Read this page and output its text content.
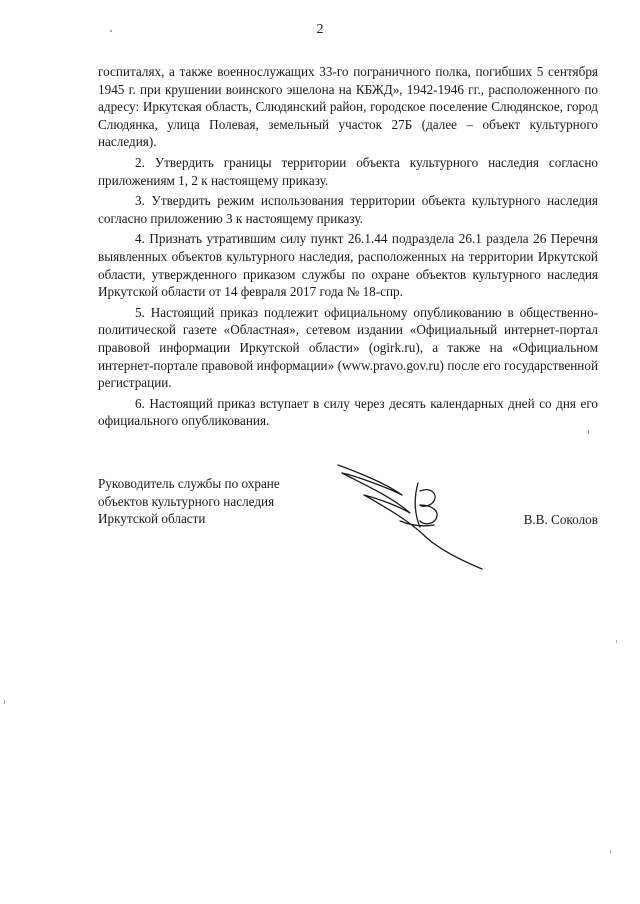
2

госпиталях, а также военнослужащих 33-го пограничного полка, погибших 5 сентября 1945 г. при крушении воинского эшелона на КБЖД», 1942-1946 гг., расположенного по адресу: Иркутская область, Слюдянский район, городское поселение Слюдянское, город Слюдянка, улица Полевая, земельный участок 27Б (далее – объект культурного наследия).

2. Утвердить границы территории объекта культурного наследия согласно приложениям 1, 2 к настоящему приказу.

3. Утвердить режим использования территории объекта культурного наследия согласно приложению 3 к настоящему приказу.

4. Признать утратившим силу пункт 26.1.44 подраздела 26.1 раздела 26 Перечня выявленных объектов культурного наследия, расположенных на территории Иркутской области, утвержденного приказом службы по охране объектов культурного наследия Иркутской области от 14 февраля 2017 года № 18-спр.

5. Настоящий приказ подлежит официальному опубликованию в общественно-политической газете «Областная», сетевом издании «Официальный интернет-портал правовой информации Иркутской области» (ogirk.ru), а также на «Официальном интернет-портале правовой информации» (www.pravo.gov.ru) после его государственной регистрации.

6. Настоящий приказ вступает в силу через десять календарных дней со дня его официального опубликования.

Руководитель службы по охране
объектов культурного наследия
Иркутской области	В.В. Соколов
